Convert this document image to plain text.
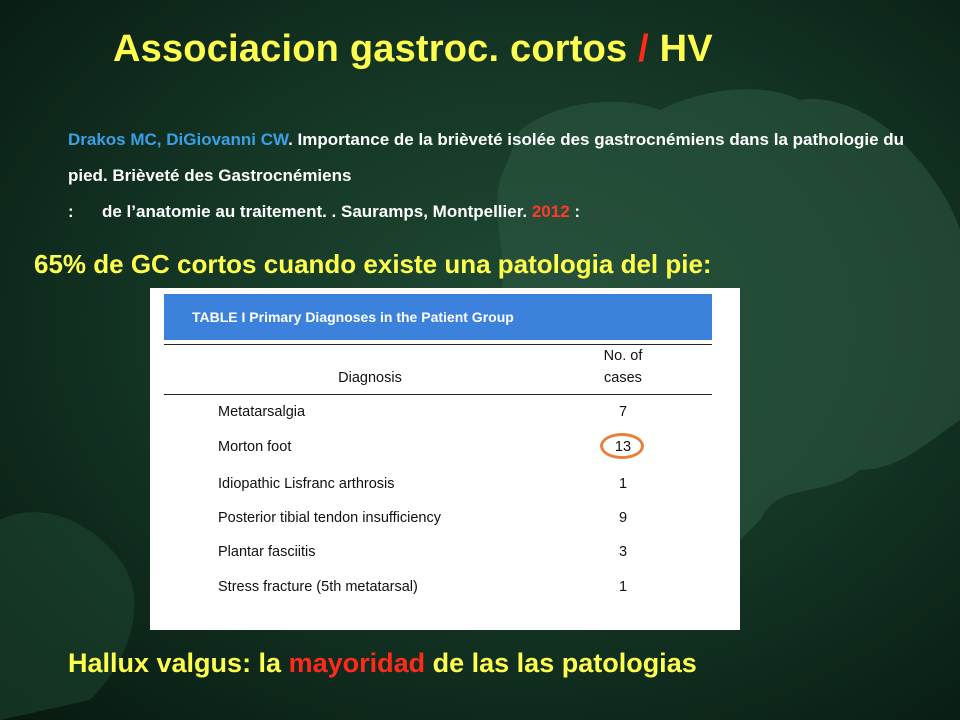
Associacion gastroc. cortos / HV
Drakos MC, DiGiovanni CW. Importance de la brièveté isolée des gastrocnémiens dans la pathologie du pied. Brièveté des Gastrocnémiens
: de l’anatomie au traitement. . Sauramps, Montpellier. 2012 : 231-240
65% de GC cortos cuando existe una patologia del pie:
TABLE I Primary Diagnoses in the Patient Group
Diagnosis
No. of
cases
Metatarsalgia	7
Morton foot	13
Idiopathic Lisfranc arthrosis	1
Posterior tibial tendon insufficiency	9
Plantar fasciitis	3
Stress fracture (5th metatarsal)	1

Hallux valgus: la mayoridad de las las patologias
